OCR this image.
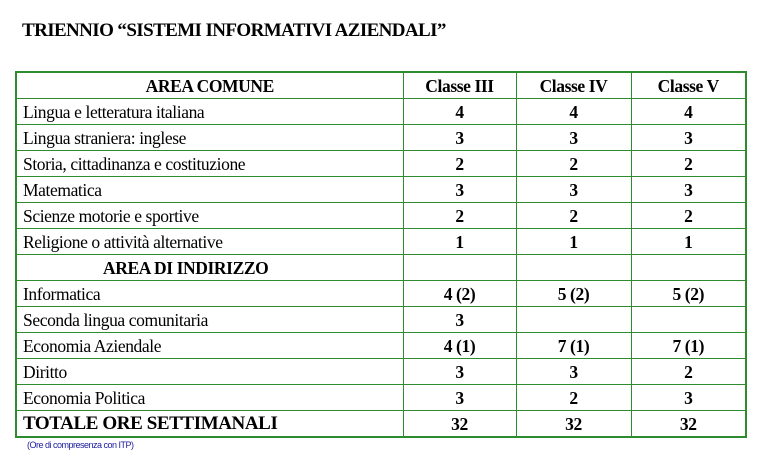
TRIENNIO “SISTEMI INFORMATIVI AZIENDALI”
AREA COMUNE	Classe III	Classe IV	Classe V
Lingua e letteratura italiana	4	4	4
Lingua straniera: inglese	3	3	3
Storia, cittadinanza e costituzione	2	2	2
Matematica	3	3	3
Scienze motorie e sportive	2	2	2
Religione o attività alternative	1	1	1
AREA DI INDIRIZZO			
Informatica	4 (2)	5 (2)	5 (2)
Seconda lingua comunitaria	3		
Economia Aziendale	4 (1)	7 (1)	7 (1)
Diritto	3	3	2
Economia Politica	3	2	3
TOTALE ORE SETTIMANALI	32	32	32
(Ore di compresenza con ITP)
